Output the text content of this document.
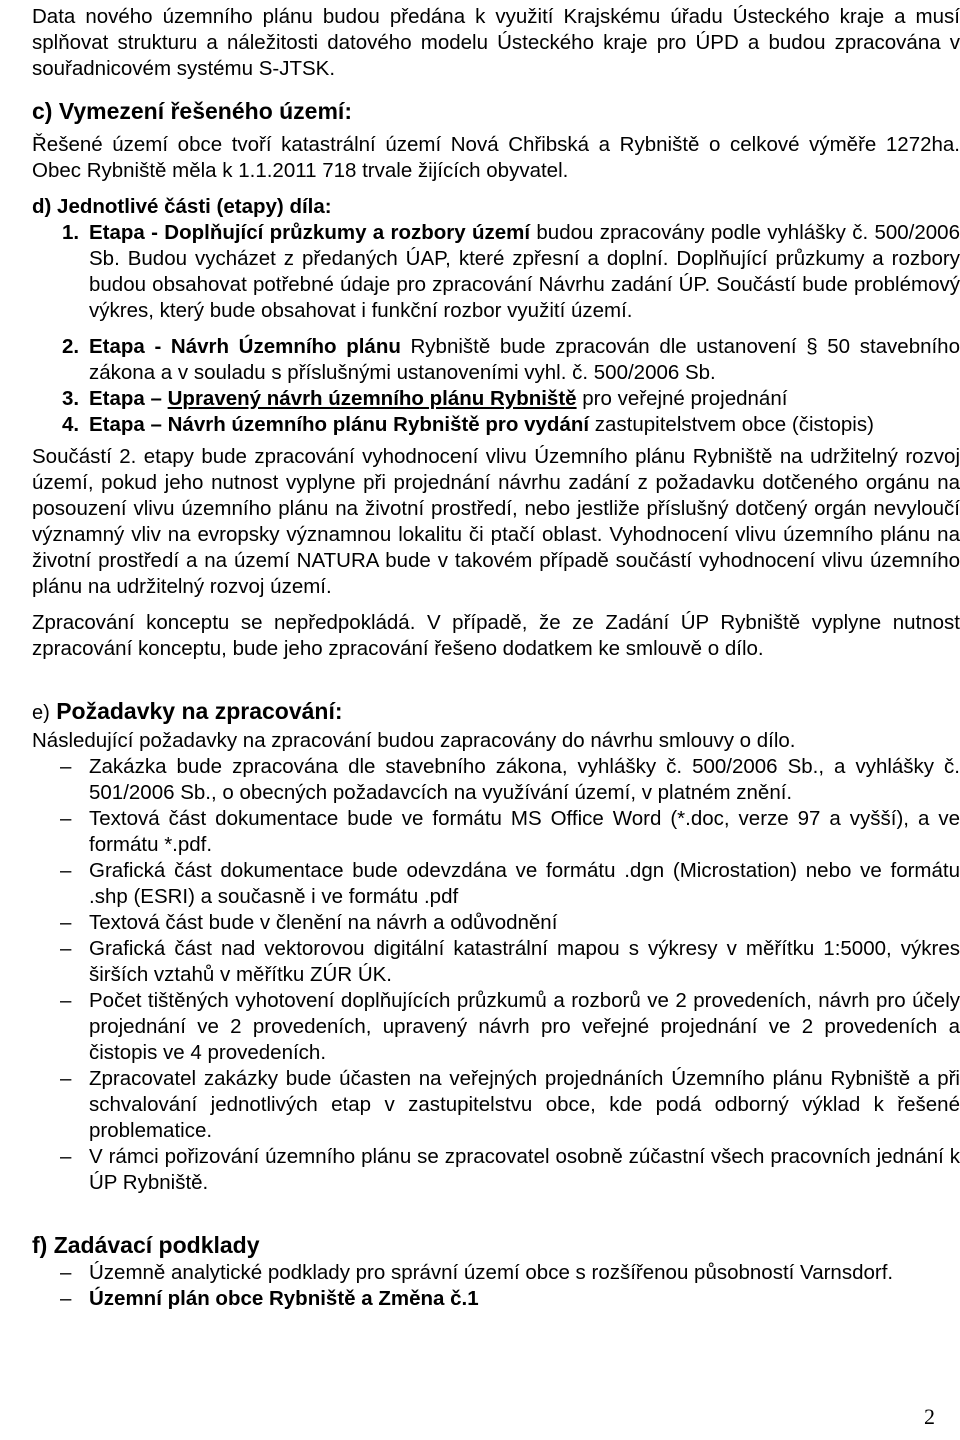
Data nového územního plánu budou předána k využití Krajskému úřadu Ústeckého kraje a musí splňovat strukturu a náležitosti datového modelu Ústeckého kraje pro ÚPD a budou zpracována v souřadnicovém systému S-JTSK.

c) Vymezení řešeného území:

Řešené území obce tvoří katastrální území Nová Chřibská a Rybniště o celkové výměře 1272ha. Obec Rybniště měla k 1.1.2011 718 trvale žijících obyvatel.

d) Jednotlivé části (etapy) díla:

1. Etapa - Doplňující průzkumy a rozbory území budou zpracovány podle vyhlášky č. 500/2006 Sb. Budou vycházet z předaných ÚAP, které zpřesní a doplní. Doplňující průzkumy a rozbory budou obsahovat potřebné údaje pro zpracování Návrhu zadání ÚP. Součástí bude problémový výkres, který bude obsahovat i funkční rozbor využití území.
2. Etapa - Návrh Územního plánu Rybniště bude zpracován dle ustanovení § 50 stavebního zákona a v souladu s příslušnými ustanoveními vyhl. č. 500/2006 Sb.
3. Etapa – Upravený návrh územního plánu Rybniště pro veřejné projednání
4. Etapa – Návrh územního plánu Rybniště pro vydání zastupitelstvem obce (čistopis)

Součástí 2. etapy bude zpracování vyhodnocení vlivu Územního plánu Rybniště na udržitelný rozvoj území, pokud jeho nutnost vyplyne při projednání návrhu zadání z požadavku dotčeného orgánu na posouzení vlivu územního plánu na životní prostředí, nebo jestliže příslušný dotčený orgán nevyloučí významný vliv na evropsky významnou lokalitu či ptačí oblast. Vyhodnocení vlivu územního plánu na životní prostředí a na území NATURA bude v takovém případě součástí vyhodnocení vlivu územního plánu na udržitelný rozvoj území.

Zpracování konceptu se nepředpokládá. V případě, že ze Zadání ÚP Rybniště vyplyne nutnost zpracování konceptu, bude jeho zpracování řešeno dodatkem ke smlouvě o dílo.

e) Požadavky na zpracování:

Následující požadavky na zpracování budou zapracovány do návrhu smlouvy o dílo.

– Zakázka bude zpracována dle stavebního zákona, vyhlášky č. 500/2006 Sb., a vyhlášky č. 501/2006 Sb., o obecných požadavcích na využívání území, v platném znění.
– Textová část dokumentace bude ve formátu MS Office Word (*.doc, verze 97 a vyšší), a ve formátu *.pdf.
– Grafická část dokumentace bude odevzdána ve formátu .dgn (Microstation) nebo ve formátu .shp (ESRI) a současně i ve formátu .pdf
– Textová část bude v členění na návrh a odůvodnění
– Grafická část nad vektorovou digitální katastrální mapou s výkresy v měřítku 1:5000, výkres širších vztahů v měřítku ZÚR ÚK.
– Počet tištěných vyhotovení doplňujících průzkumů a rozborů ve 2 provedeních, návrh pro účely projednání ve 2 provedeních, upravený návrh pro veřejné projednání ve 2 provedeních a čistopis ve 4 provedeních.
– Zpracovatel zakázky bude účasten na veřejných projednáních Územního plánu Rybniště a při schvalování jednotlivých etap v zastupitelstvu obce, kde podá odborný výklad k řešené problematice.
– V rámci pořizování územního plánu se zpracovatel osobně zúčastní všech pracovních jednání k ÚP Rybniště.

f) Zadávací podklady

– Územně analytické podklady pro správní území obce s rozšířenou působností Varnsdorf.
– Územní plán obce Rybniště a Změna č.1
2
